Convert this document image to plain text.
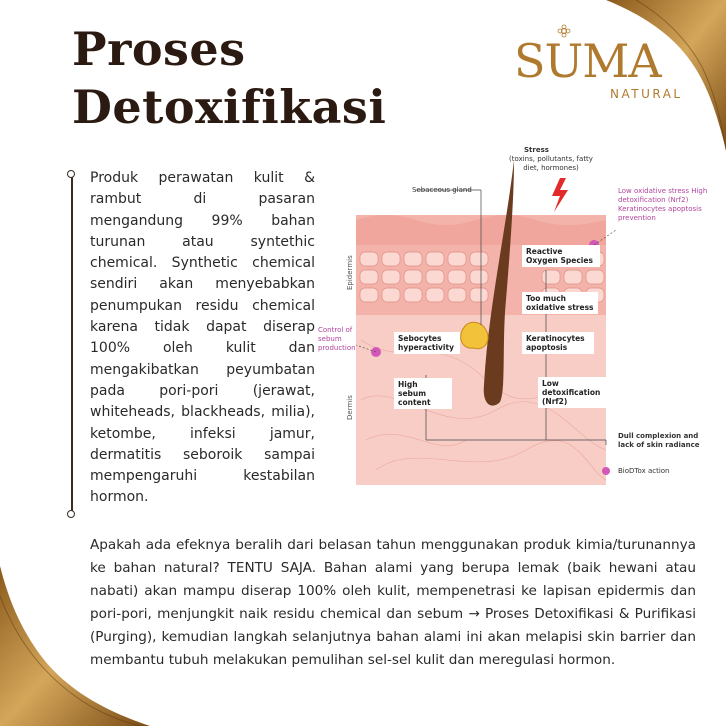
Proses
Detoxifikasi
SUMA
NATURAL

Produk perawatan kulit & rambut di pasaran mengandung 99% bahan turunan atau syntethic chemical. Synthetic chemical sendiri akan menyebabkan penumpukan residu chemical karena tidak dapat diserap 100% oleh kulit dan mengakibatkan peyumbatan pada pori-pori (jerawat, whiteheads, blackheads, milia), ketombe, infeksi jamur, dermatitis seboroik sampai mempengaruhi kestabilan hormon.

Stress
(toxins, pollutants, fatty diet, hormones)
Sebaceous gland	Low oxidative stress High detoxification (Nrf2) Keratinocytes apoptosis prevention
Reactive Oxygen Species
Too much oxidative stress
Control of sebum production
Sebocytes hyperactivity
Keratinocytes apoptosis
High sebum content
Low detoxification (Nrf2)
Dull complexion and lack of skin radiance
BioDTox action
Epidermis
Dermis

Apakah ada efeknya beralih dari belasan tahun menggunakan produk kimia/turunannya ke bahan natural? TENTU SAJA. Bahan alami yang berupa lemak (baik hewani atau nabati) akan mampu diserap 100% oleh kulit, mempenetrasi ke lapisan epidermis dan pori-pori, menjungkit naik residu chemical dan sebum → Proses Detoxifikasi & Purifikasi (Purging), kemudian langkah selanjutnya bahan alami ini akan melapisi skin barrier dan membantu tubuh melakukan pemulihan sel-sel kulit dan meregulasi hormon.
